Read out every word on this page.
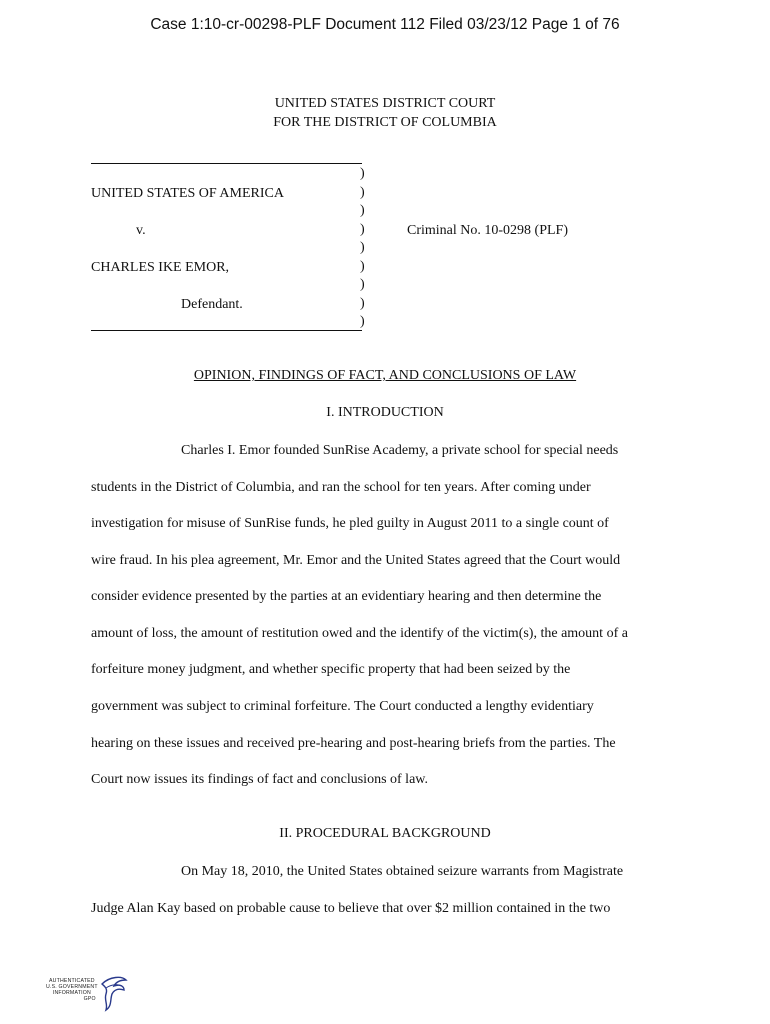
Case 1:10-cr-00298-PLF Document 112 Filed 03/23/12 Page 1 of 76
UNITED STATES DISTRICT COURT
FOR THE DISTRICT OF COLUMBIA
UNITED STATES OF AMERICA
v.
CHARLES IKE EMOR,
Defendant.
Criminal No. 10-0298 (PLF)
)
)
)
)
)
)
)
)
)
OPINION, FINDINGS OF FACT, AND CONCLUSIONS OF LAW
I. INTRODUCTION
Charles I. Emor founded SunRise Academy, a private school for special needs
students in the District of Columbia, and ran the school for ten years. After coming under
investigation for misuse of SunRise funds, he pled guilty in August 2011 to a single count of
wire fraud. In his plea agreement, Mr. Emor and the United States agreed that the Court would
consider evidence presented by the parties at an evidentiary hearing and then determine the
amount of loss, the amount of restitution owed and the identify of the victim(s), the amount of a
forfeiture money judgment, and whether specific property that had been seized by the
government was subject to criminal forfeiture. The Court conducted a lengthy evidentiary
hearing on these issues and received pre-hearing and post-hearing briefs from the parties. The
Court now issues its findings of fact and conclusions of law.
II. PROCEDURAL BACKGROUND
On May 18, 2010, the United States obtained seizure warrants from Magistrate
Judge Alan Kay based on probable cause to believe that over $2 million contained in the two
AUTHENTICATED
U.S. GOVERNMENT
INFORMATION
GPO
